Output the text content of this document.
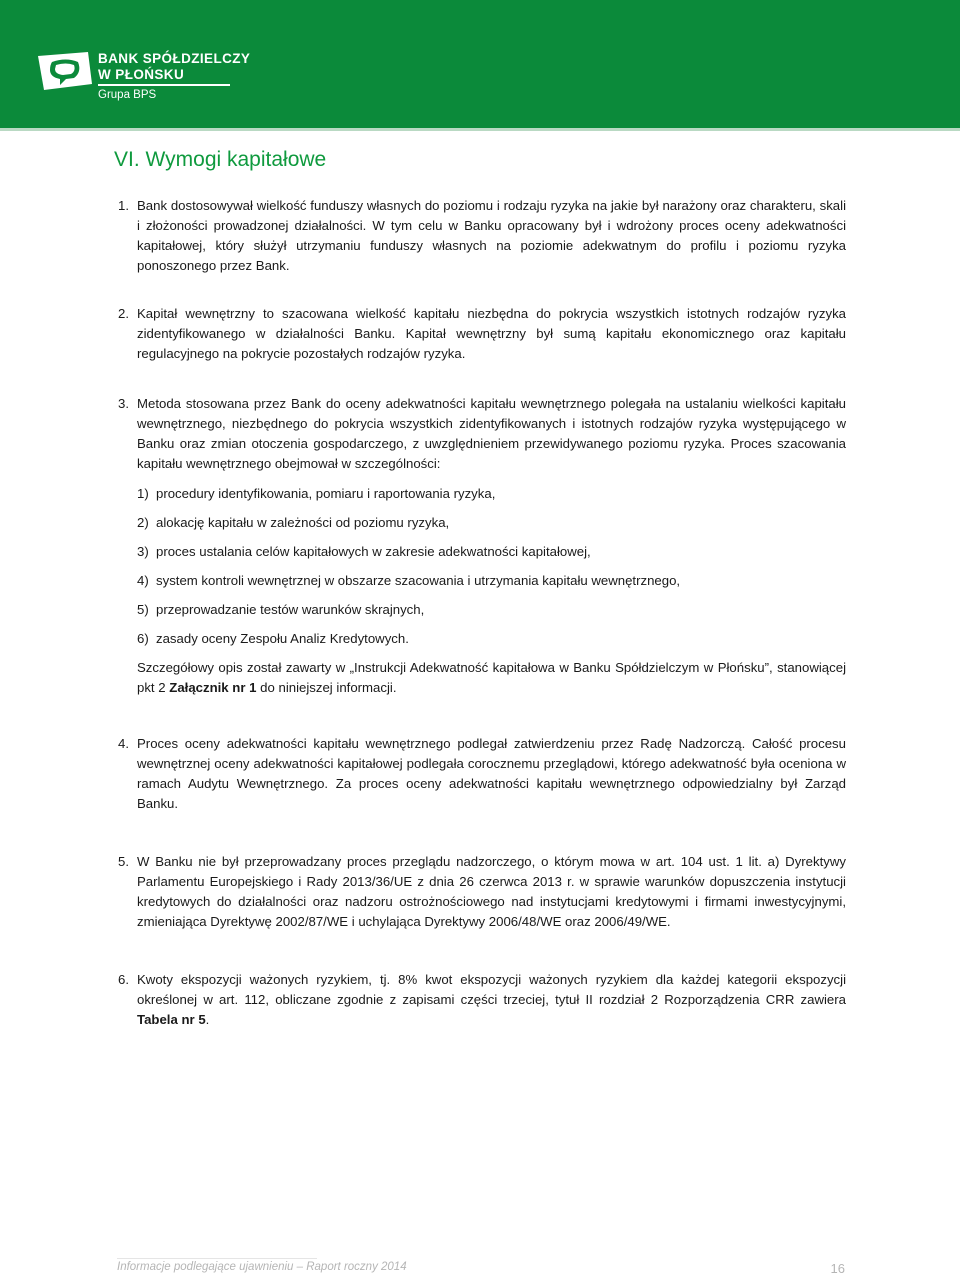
BANK SPÓŁDZIELCZY
W PŁOŃSKU
Grupa BPS
VI. Wymogi kapitałowe
1. Bank dostosowywał wielkość funduszy własnych do poziomu i rodzaju ryzyka na jakie był narażony oraz charakteru, skali i złożoności prowadzonej działalności. W tym celu w Banku opracowany był i wdrożony proces oceny adekwatności kapitałowej, który służył utrzymaniu funduszy własnych na poziomie adekwatnym do profilu i poziomu ryzyka ponoszonego przez Bank.

2. Kapitał wewnętrzny to szacowana wielkość kapitału niezbędna do pokrycia wszystkich istotnych rodzajów ryzyka zidentyfikowanego w działalności Banku. Kapitał wewnętrzny był sumą kapitału ekonomicznego oraz kapitału regulacyjnego na pokrycie pozostałych rodzajów ryzyka.

3. Metoda stosowana przez Bank do oceny adekwatności kapitału wewnętrznego polegała na ustalaniu wielkości kapitału wewnętrznego, niezbędnego do pokrycia wszystkich zidentyfikowanych i istotnych rodzajów ryzyka występującego w Banku oraz zmian otoczenia gospodarczego, z uwzględnieniem przewidywanego poziomu ryzyka. Proces szacowania kapitału wewnętrznego obejmował w szczególności:

1) procedury identyfikowania, pomiaru i raportowania ryzyka,
2) alokację kapitału w zależności od poziomu ryzyka,
3) proces ustalania celów kapitałowych w zakresie adekwatności kapitałowej,
4) system kontroli wewnętrznej w obszarze szacowania i utrzymania kapitału wewnętrznego,
5) przeprowadzanie testów warunków skrajnych,
6) zasady oceny Zespołu Analiz Kredytowych.

Szczegółowy opis został zawarty w „Instrukcji Adekwatność kapitałowa w Banku Spółdzielczym w Płońsku”, stanowiącej pkt 2 Załącznik nr 1 do niniejszej informacji.

4. Proces oceny adekwatności kapitału wewnętrznego podlegał zatwierdzeniu przez Radę Nadzorczą. Całość procesu wewnętrznej oceny adekwatności kapitałowej podlegała corocznemu przeglądowi, którego adekwatność była oceniona w ramach Audytu Wewnętrznego. Za proces oceny adekwatności kapitału wewnętrznego odpowiedzialny był Zarząd Banku.

5. W Banku nie był przeprowadzany proces przeglądu nadzorczego, o którym mowa w art. 104 ust. 1 lit. a) Dyrektywy Parlamentu Europejskiego i Rady 2013/36/UE z dnia 26 czerwca 2013 r. w sprawie warunków dopuszczenia instytucji kredytowych do działalności oraz nadzoru ostrożnościowego nad instytucjami kredytowymi i firmami inwestycyjnymi, zmieniająca Dyrektywę 2002/87/WE i uchylająca Dyrektywy 2006/48/WE oraz 2006/49/WE.

6. Kwoty ekspozycji ważonych ryzykiem, tj. 8% kwot ekspozycji ważonych ryzykiem dla każdej kategorii ekspozycji określonej w art. 112, obliczane zgodnie z zapisami części trzeciej, tytuł II rozdział 2 Rozporządzenia CRR zawiera Tabela nr 5.

Informacje podlegające ujawnieniu – Raport roczny 2014	16
